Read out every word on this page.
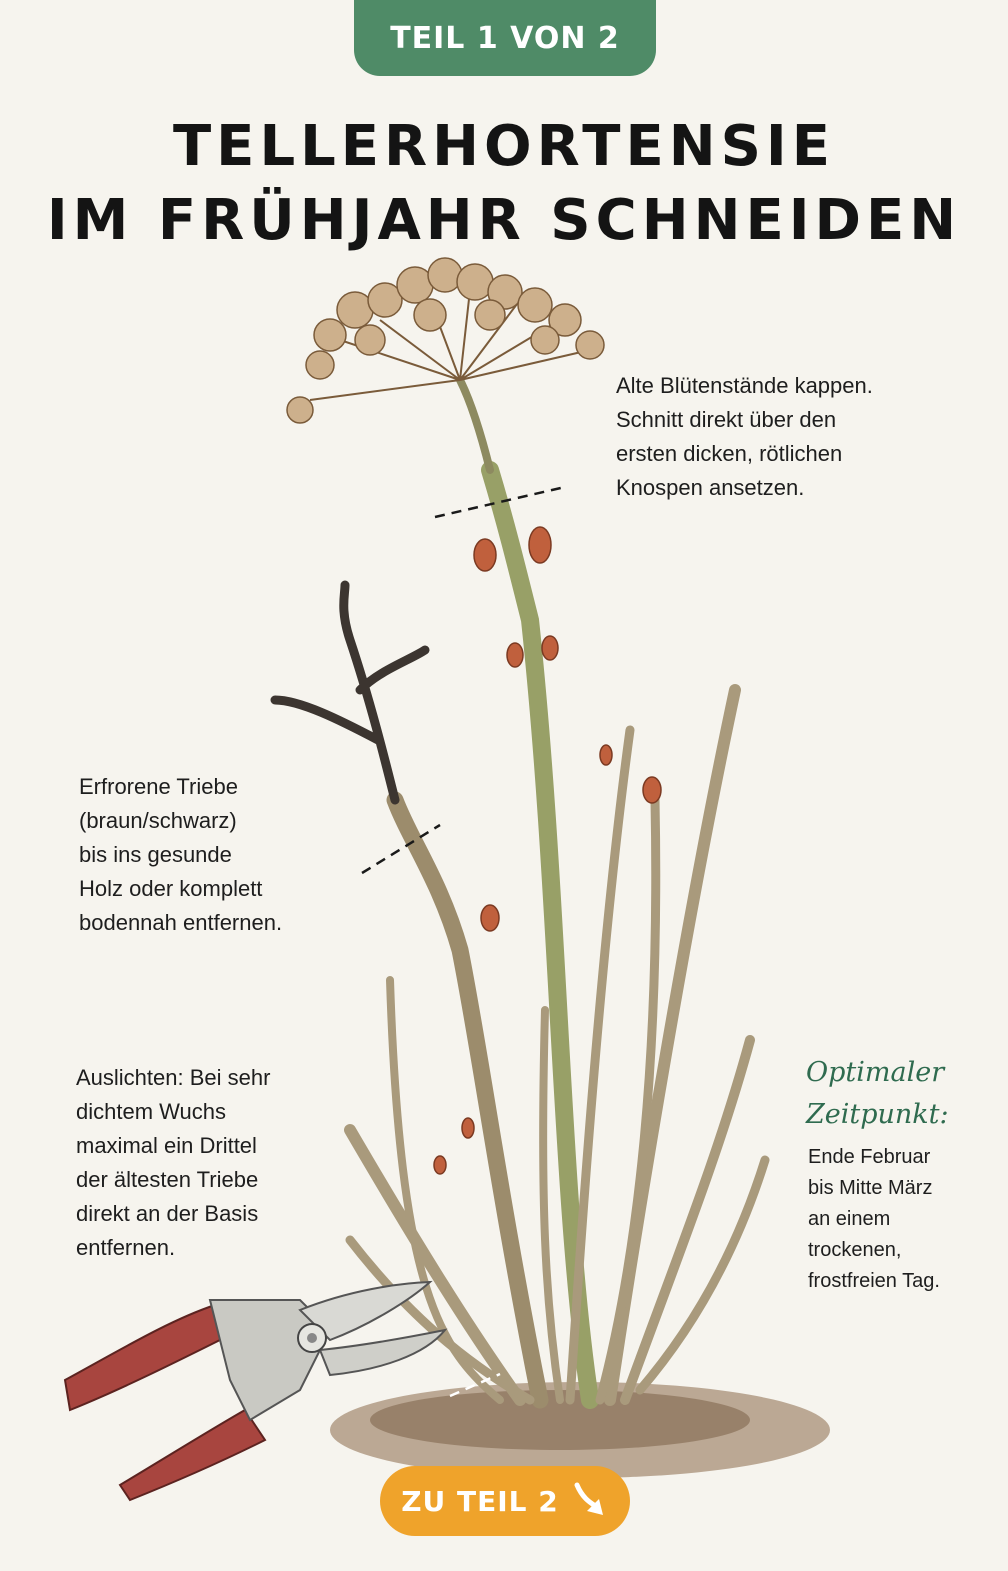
TEIL 1 VON 2
TELLERHORTENSIE
IM FRÜHJAHR SCHNEIDEN
Alte Blütenstände kappen.
Schnitt direkt über den
ersten dicken, rötlichen
Knospen ansetzen.
Erfrorene Triebe
(braun/schwarz)
bis ins gesunde
Holz oder komplett
bodennah entfernen.
Auslichten: Bei sehr
dichtem Wuchs
maximal ein Drittel
der ältesten Triebe
direkt an der Basis
entfernen.
Optimaler
Zeitpunkt:
Ende Februar
bis Mitte März
an einem
trockenen,
frostfreien Tag.
ZU TEIL 2
